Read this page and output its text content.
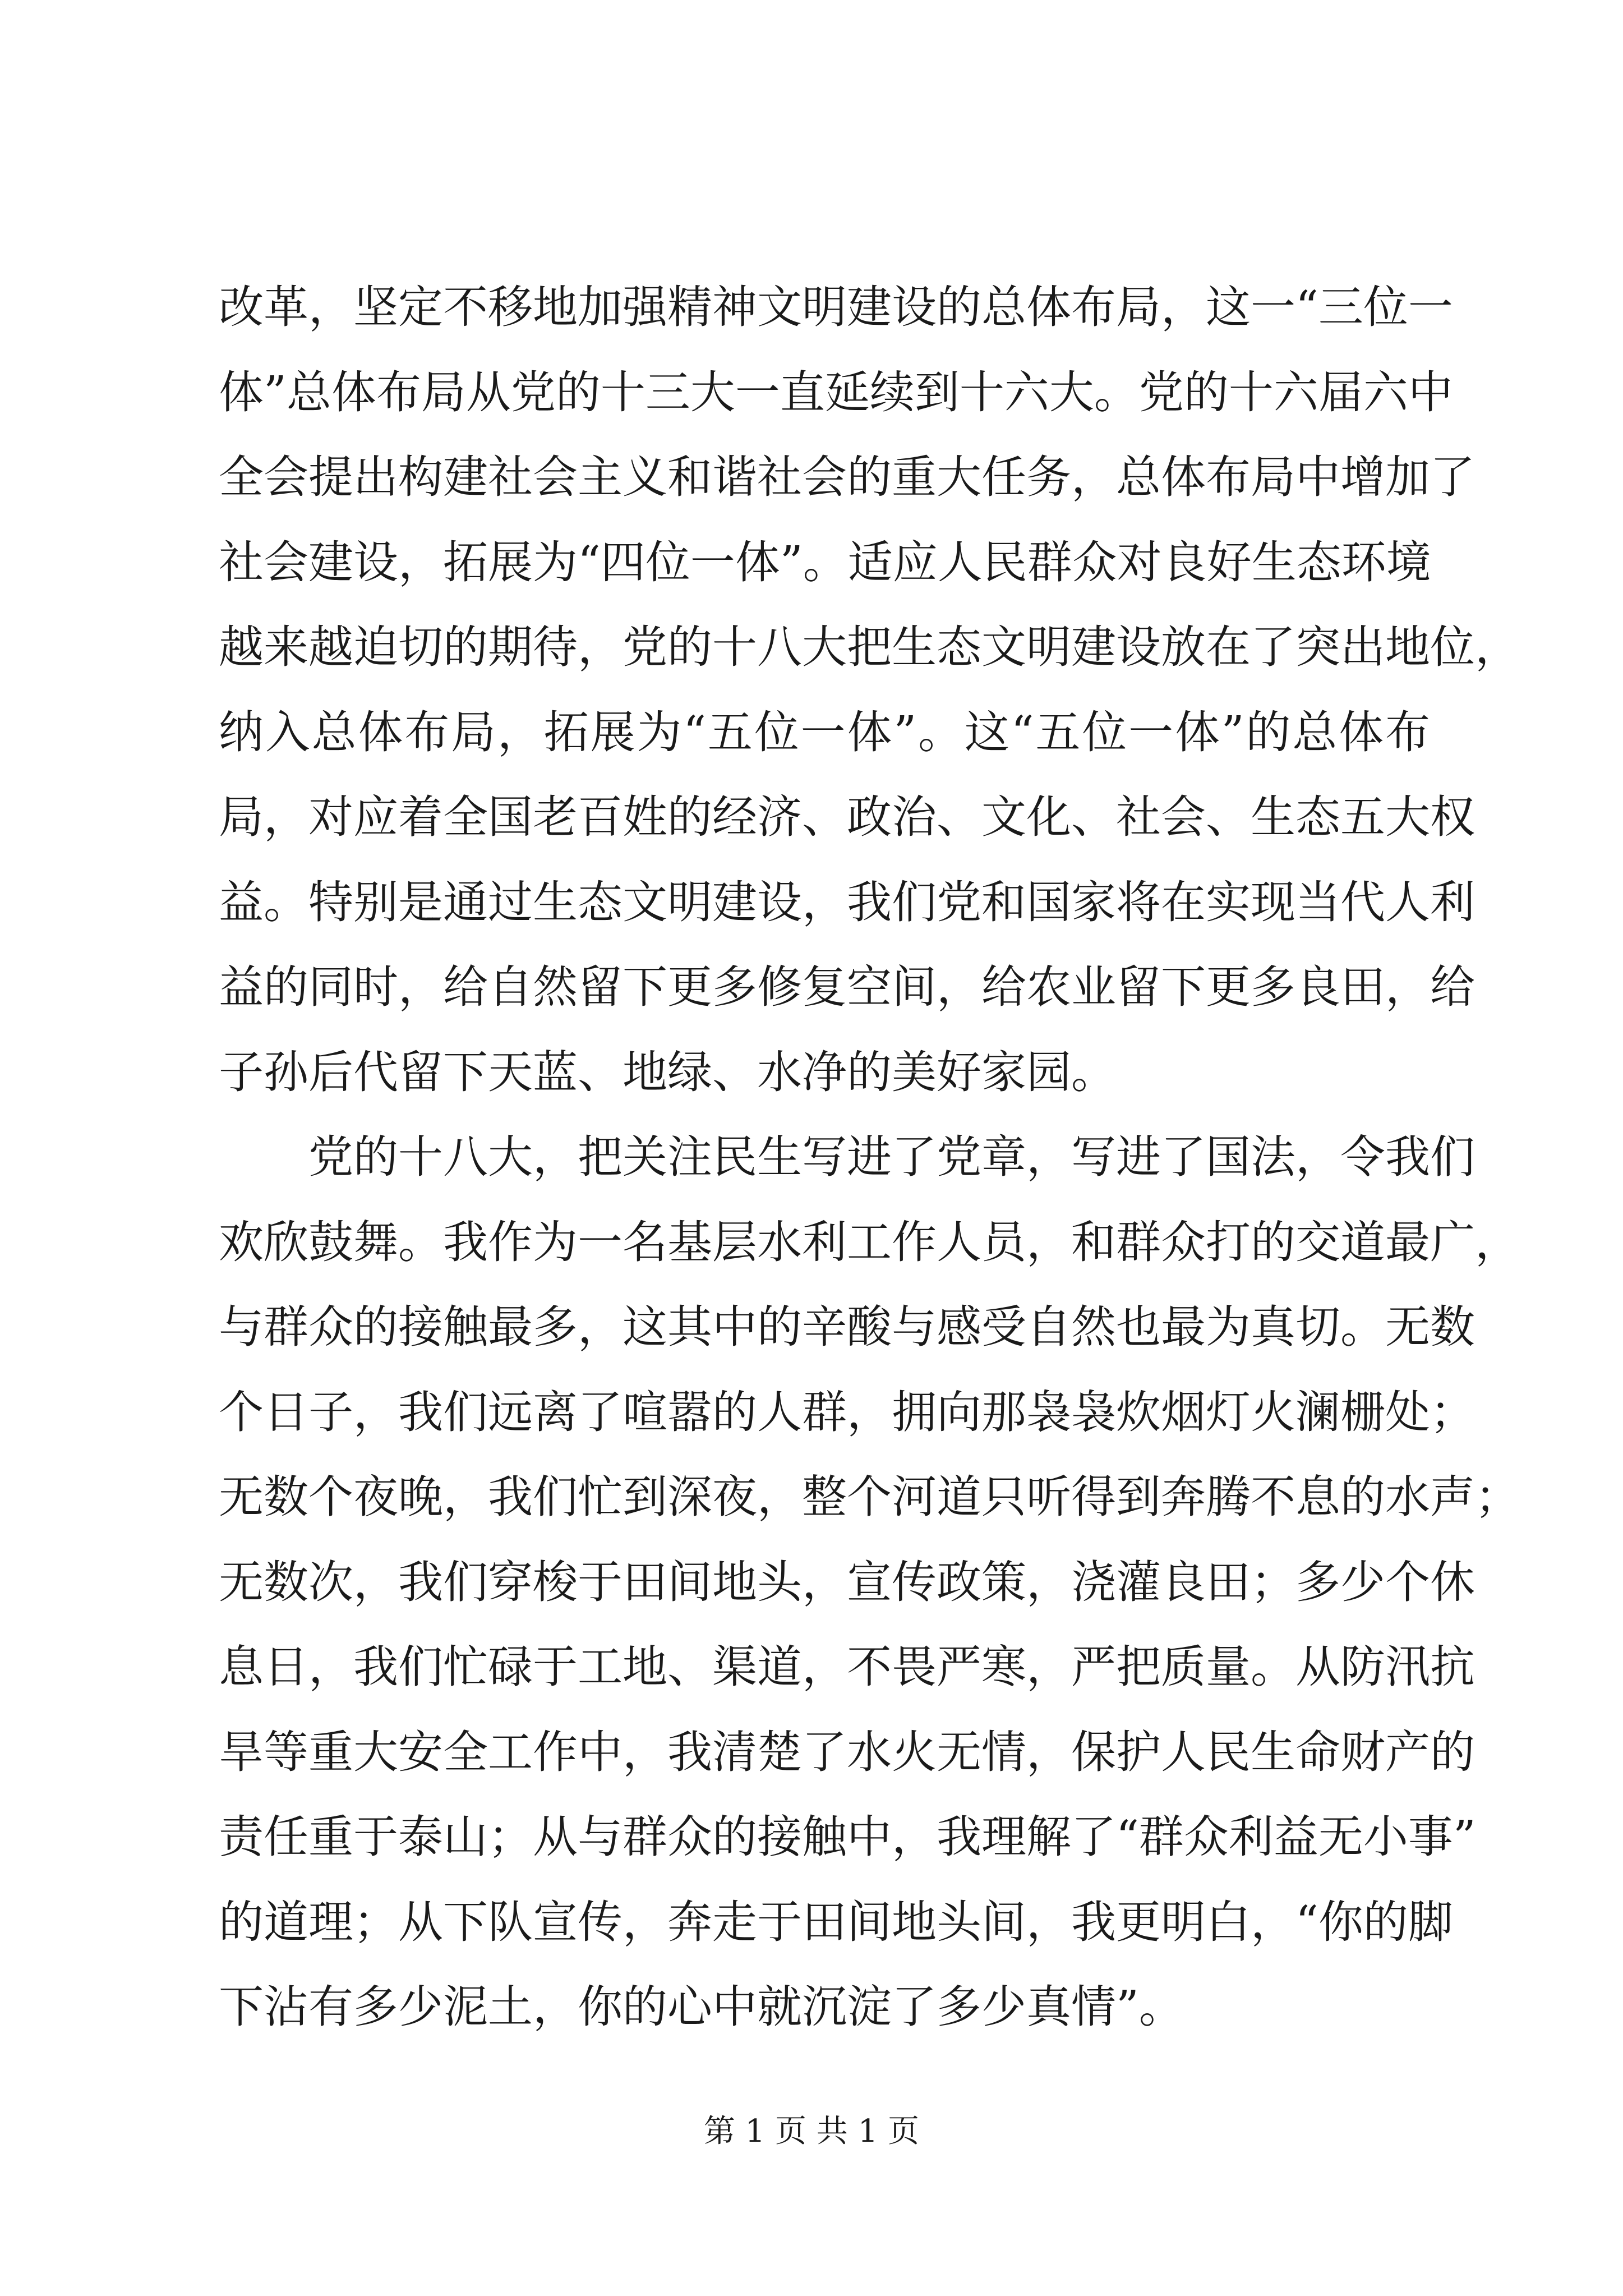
改革，坚定不移地加强精神文明建设的总体布局，这一“三位一
体”总体布局从党的十三大一直延续到十六大。党的十六届六中
全会提出构建社会主义和谐社会的重大任务，总体布局中增加了
社会建设，拓展为“四位一体”。适应人民群众对良好生态环境
越来越迫切的期待，党的十八大把生态文明建设放在了突出地位，
纳入总体布局，拓展为“五位一体”。这“五位一体”的总体布
局，对应着全国老百姓的经济、政治、文化、社会、生态五大权
益。特别是通过生态文明建设，我们党和国家将在实现当代人利
益的同时，给自然留下更多修复空间，给农业留下更多良田，给
子孙后代留下天蓝、地绿、水净的美好家园。
党的十八大，把关注民生写进了党章，写进了国法，令我们
欢欣鼓舞。我作为一名基层水利工作人员，和群众打的交道最广，
与群众的接触最多，这其中的辛酸与感受自然也最为真切。无数
个日子，我们远离了喧嚣的人群，拥向那袅袅炊烟灯火澜栅处；
无数个夜晚，我们忙到深夜，整个河道只听得到奔腾不息的水声；
无数次，我们穿梭于田间地头，宣传政策，浇灌良田；多少个休
息日，我们忙碌于工地、渠道，不畏严寒，严把质量。从防汛抗
旱等重大安全工作中，我清楚了水火无情，保护人民生命财产的
责任重于泰山；从与群众的接触中，我理解了“群众利益无小事”
的道理；从下队宣传，奔走于田间地头间，我更明白，“你的脚
下沾有多少泥土，你的心中就沉淀了多少真情”。
第 1 页 共 1 页
